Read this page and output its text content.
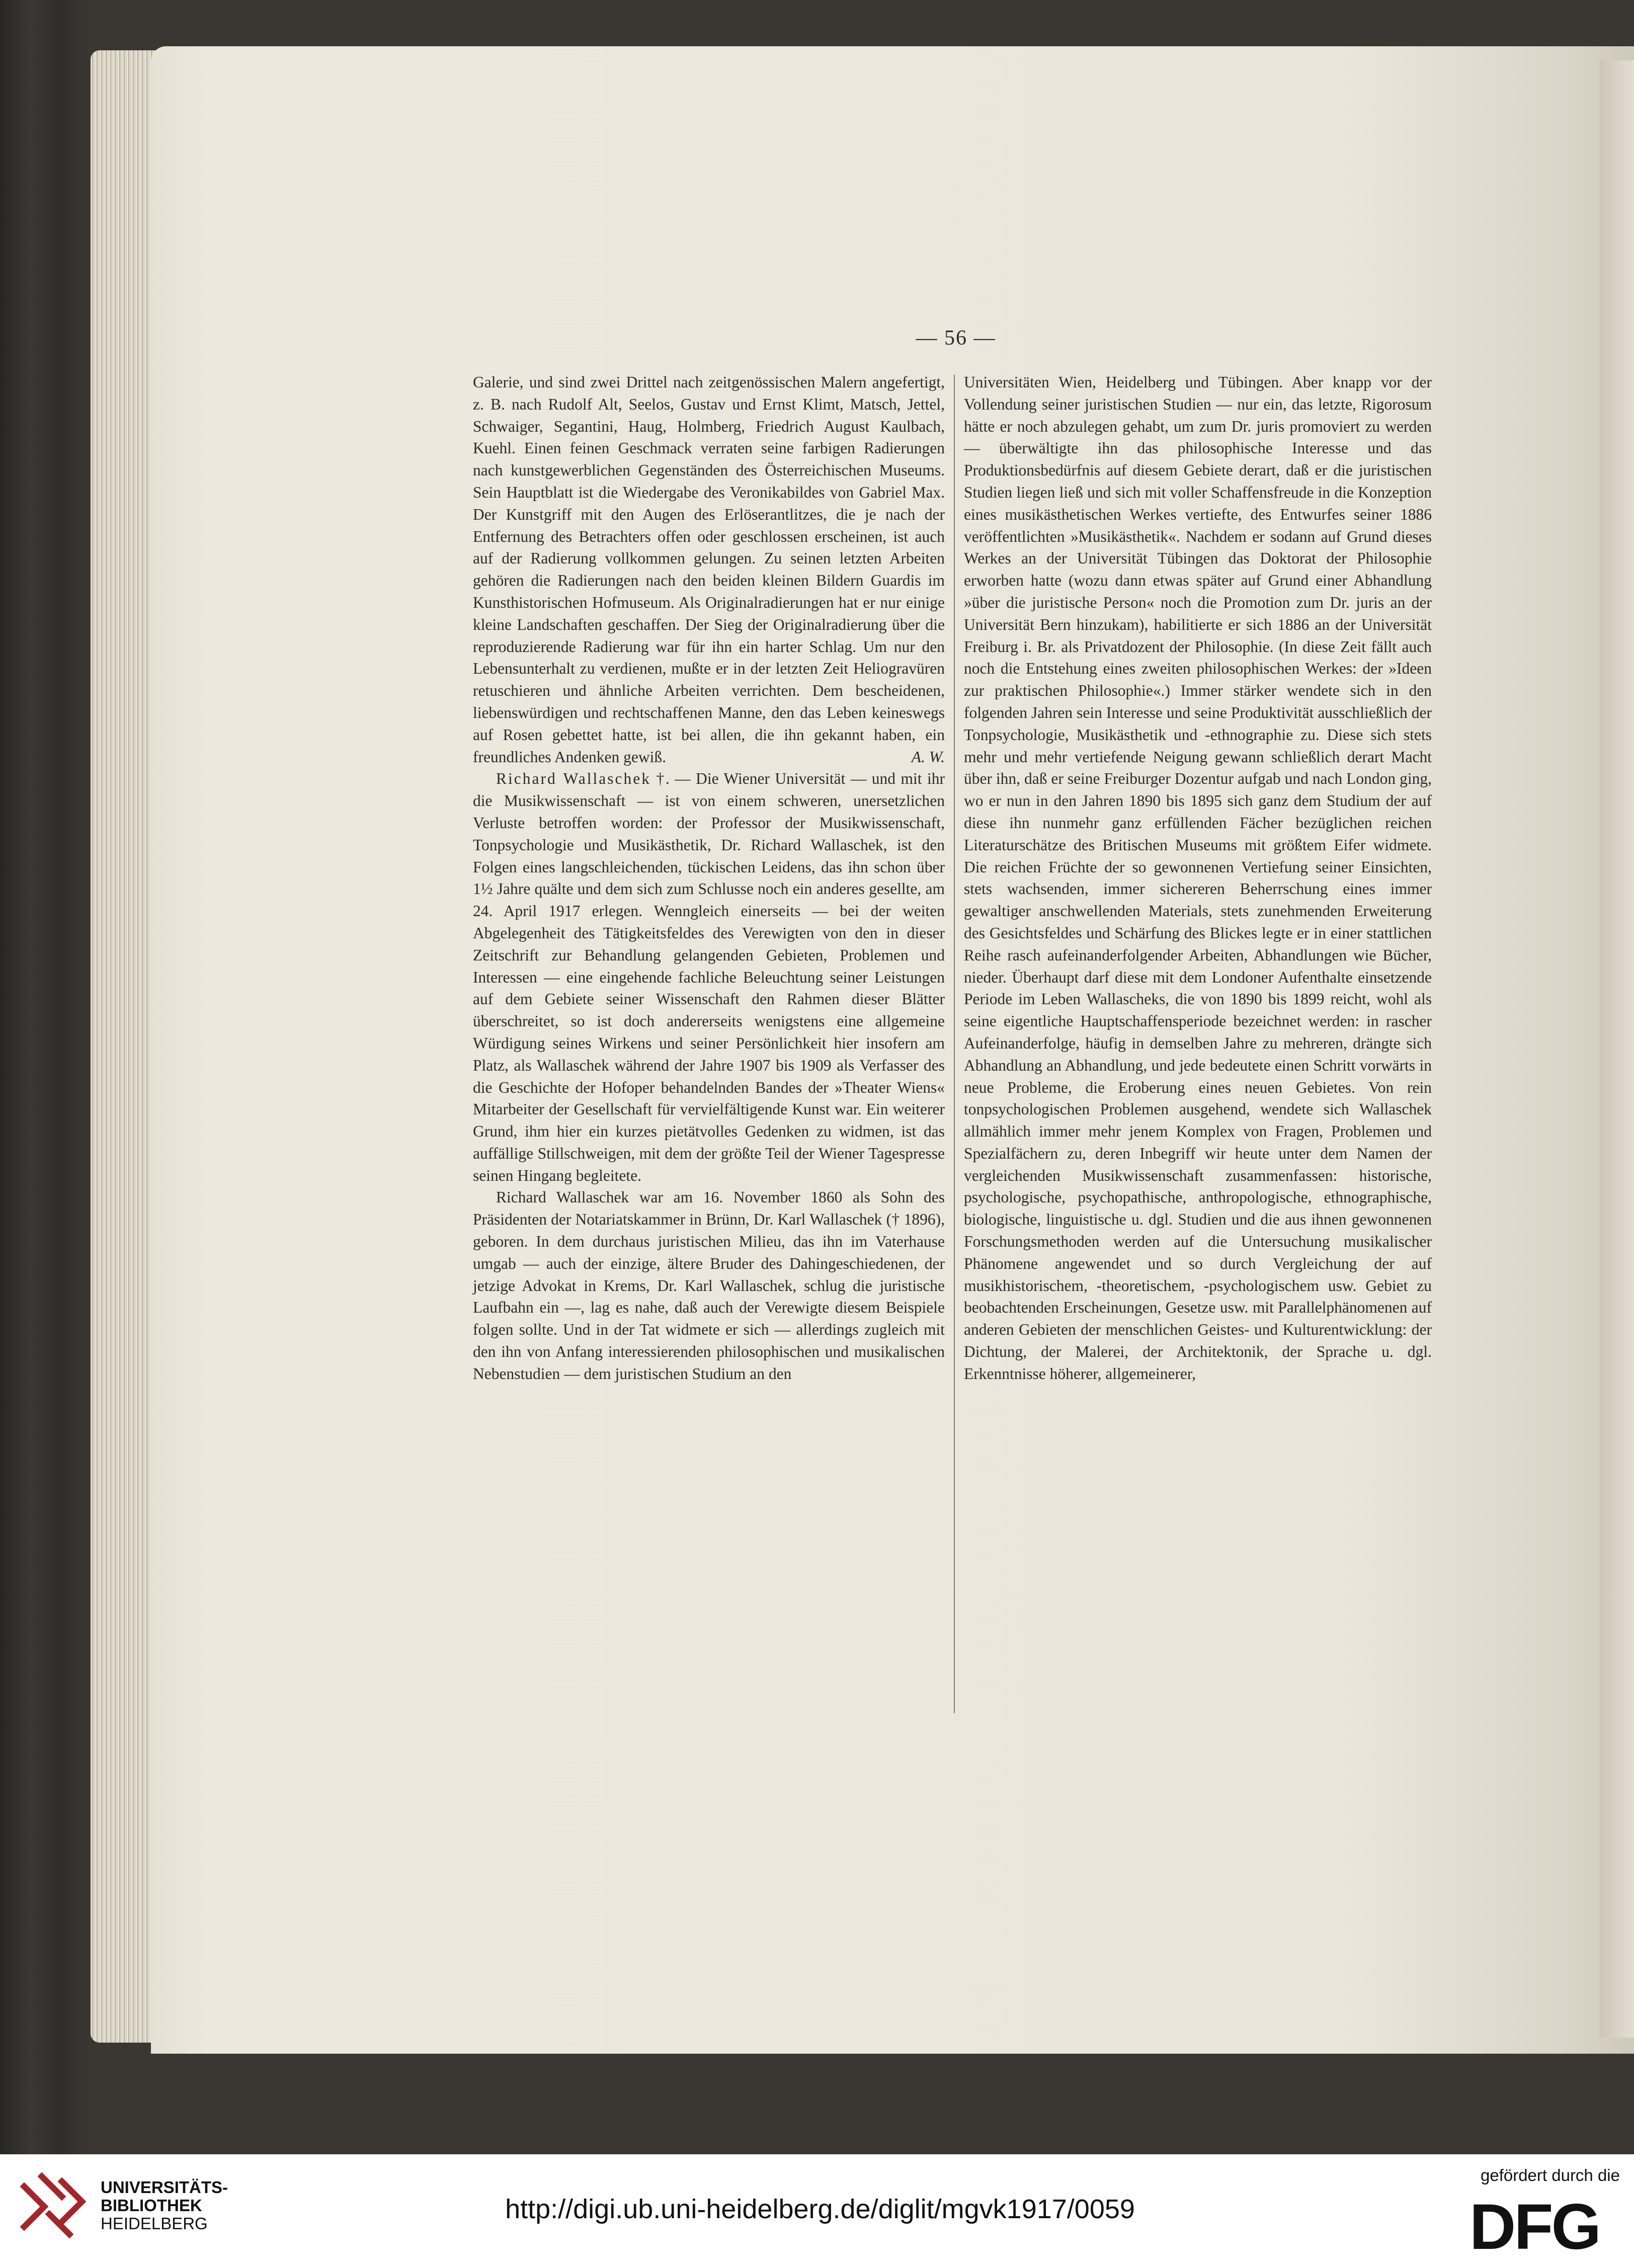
— 56 —

Galerie, und sind zwei Drittel nach zeitgenössischen Malern angefertigt, z. B. nach Rudolf Alt, Seelos, Gustav und Ernst Klimt, Matsch, Jettel, Schwaiger, Segantini, Haug, Holmberg, Friedrich August Kaulbach, Kuehl. Einen feinen Geschmack verraten seine farbigen Radierungen nach kunstgewerblichen Gegenständen des Österreichischen Museums. Sein Hauptblatt ist die Wiedergabe des Veronikabildes von Gabriel Max. Der Kunstgriff mit den Augen des Erlöserantlitzes, die je nach der Entfernung des Betrachters offen oder geschlossen erscheinen, ist auch auf der Radierung vollkommen gelungen. Zu seinen letzten Arbeiten gehören die Radierungen nach den beiden kleinen Bildern Guardis im Kunsthistorischen Hofmuseum. Als Originalradierungen hat er nur einige kleine Landschaften geschaffen. Der Sieg der Originalradierung über die reproduzierende Radierung war für ihn ein harter Schlag. Um nur den Lebensunterhalt zu verdienen, mußte er in der letzten Zeit Heliogravüren retuschieren und ähnliche Arbeiten verrichten. Dem bescheidenen, liebenswürdigen und rechtschaffenen Manne, den das Leben keineswegs auf Rosen gebettet hatte, ist bei allen, die ihn gekannt haben, ein freundliches Andenken gewiß.	A. W.

Richard Wallaschek †. — Die Wiener Universität — und mit ihr die Musikwissenschaft — ist von einem schweren, unersetzlichen Verluste betroffen worden: der Professor der Musikwissenschaft, Tonpsychologie und Musikästhetik, Dr. Richard Wallaschek, ist den Folgen eines langschleichenden, tückischen Leidens, das ihn schon über 1½ Jahre quälte und dem sich zum Schlusse noch ein anderes gesellte, am 24. April 1917 erlegen. Wenngleich einerseits — bei der weiten Abgelegenheit des Tätigkeitsfeldes des Verewigten von den in dieser Zeitschrift zur Behandlung gelangenden Gebieten, Problemen und Interessen — eine eingehende fachliche Beleuchtung seiner Leistungen auf dem Gebiete seiner Wissenschaft den Rahmen dieser Blätter überschreitet, so ist doch andererseits wenigstens eine allgemeine Würdigung seines Wirkens und seiner Persönlichkeit hier insofern am Platz, als Wallaschek während der Jahre 1907 bis 1909 als Verfasser des die Geschichte der Hofoper behandelnden Bandes der »Theater Wiens« Mitarbeiter der Gesellschaft für vervielfältigende Kunst war. Ein weiterer Grund, ihm hier ein kurzes pietätvolles Gedenken zu widmen, ist das auffällige Stillschweigen, mit dem der größte Teil der Wiener Tagespresse seinen Hingang begleitete.

Richard Wallaschek war am 16. November 1860 als Sohn des Präsidenten der Notariatskammer in Brünn, Dr. Karl Wallaschek († 1896), geboren. In dem durchaus juristischen Milieu, das ihn im Vaterhause umgab — auch der einzige, ältere Bruder des Dahingeschiedenen, der jetzige Advokat in Krems, Dr. Karl Wallaschek, schlug die juristische Laufbahn ein —, lag es nahe, daß auch der Verewigte diesem Beispiele folgen sollte. Und in der Tat widmete er sich — allerdings zugleich mit den ihn von Anfang interessierenden philosophischen und musikalischen Nebenstudien — dem juristischen Studium an den

Universitäten Wien, Heidelberg und Tübingen. Aber knapp vor der Vollendung seiner juristischen Studien — nur ein, das letzte, Rigorosum hätte er noch abzulegen gehabt, um zum Dr. juris promoviert zu werden — überwältigte ihn das philosophische Interesse und das Produktionsbedürfnis auf diesem Gebiete derart, daß er die juristischen Studien liegen ließ und sich mit voller Schaffensfreude in die Konzeption eines musikästhetischen Werkes vertiefte, des Entwurfes seiner 1886 veröffentlichten »Musikästhetik«. Nachdem er sodann auf Grund dieses Werkes an der Universität Tübingen das Doktorat der Philosophie erworben hatte (wozu dann etwas später auf Grund einer Abhandlung »über die juristische Person« noch die Promotion zum Dr. juris an der Universität Bern hinzukam), habilitierte er sich 1886 an der Universität Freiburg i. Br. als Privatdozent der Philosophie. (In diese Zeit fällt auch noch die Entstehung eines zweiten philosophischen Werkes: der »Ideen zur praktischen Philosophie«.) Immer stärker wendete sich in den folgenden Jahren sein Interesse und seine Produktivität ausschließlich der Tonpsychologie, Musikästhetik und -ethnographie zu. Diese sich stets mehr und mehr vertiefende Neigung gewann schließlich derart Macht über ihn, daß er seine Freiburger Dozentur aufgab und nach London ging, wo er nun in den Jahren 1890 bis 1895 sich ganz dem Studium der auf diese ihn nunmehr ganz erfüllenden Fächer bezüglichen reichen Literaturschätze des Britischen Museums mit größtem Eifer widmete. Die reichen Früchte der so gewonnenen Vertiefung seiner Einsichten, stets wachsenden, immer sichereren Beherrschung eines immer gewaltiger anschwellenden Materials, stets zunehmenden Erweiterung des Gesichtsfeldes und Schärfung des Blickes legte er in einer stattlichen Reihe rasch aufeinanderfolgender Arbeiten, Abhandlungen wie Bücher, nieder. Überhaupt darf diese mit dem Londoner Aufenthalte einsetzende Periode im Leben Wallascheks, die von 1890 bis 1899 reicht, wohl als seine eigentliche Hauptschaffensperiode bezeichnet werden: in rascher Aufeinanderfolge, häufig in demselben Jahre zu mehreren, drängte sich Abhandlung an Abhandlung, und jede bedeutete einen Schritt vorwärts in neue Probleme, die Eroberung eines neuen Gebietes. Von rein tonpsychologischen Problemen ausgehend, wendete sich Wallaschek allmählich immer mehr jenem Komplex von Fragen, Problemen und Spezialfächern zu, deren Inbegriff wir heute unter dem Namen der vergleichenden Musikwissenschaft zusammenfassen: historische, psychologische, psychopathische, anthropologische, ethnographische, biologische, linguistische u. dgl. Studien und die aus ihnen gewonnenen Forschungsmethoden werden auf die Untersuchung musikalischer Phänomene angewendet und so durch Vergleichung der auf musikhistorischem, -theoretischem, -psychologischem usw. Gebiet zu beobachtenden Erscheinungen, Gesetze usw. mit Parallelphänomenen auf anderen Gebieten der menschlichen Geistes- und Kulturentwicklung: der Dichtung, der Malerei, der Architektonik, der Sprache u. dgl. Erkenntnisse höherer, allgemeinerer,

UNIVERSITÄTS-
BIBLIOTHEK
HEIDELBERG	http://digi.ub.uni-heidelberg.de/diglit/mgvk1917/0059
gefördert durch die
DFG
